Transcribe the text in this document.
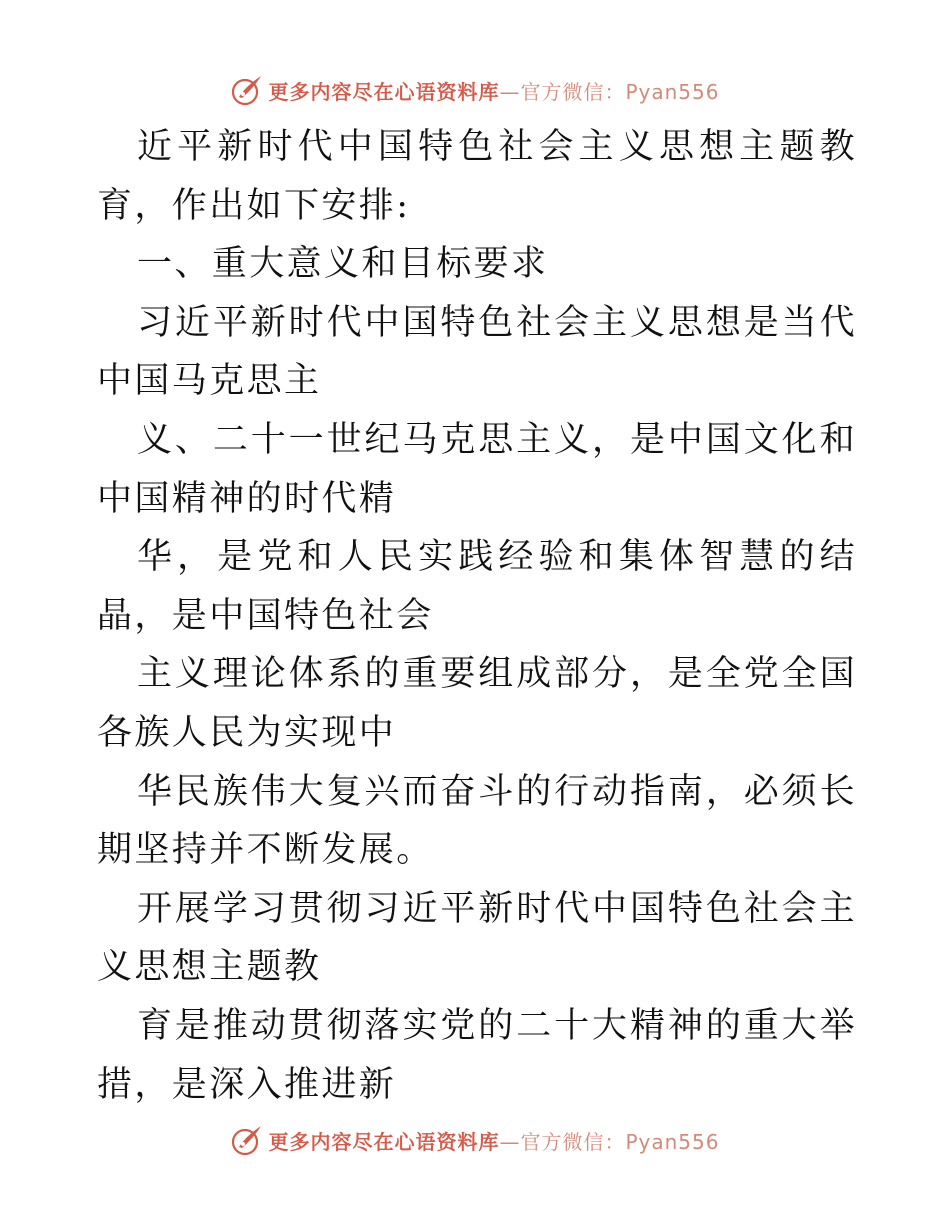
更多内容尽在心语资料库 —官方微信：Pyan556

近平新时代中国特色社会主义思想主题教育，作出如下安排:

一、重大意义和目标要求

习近平新时代中国特色社会主义思想是当代中国马克思主

义、二十一世纪马克思主义，是中国文化和中国精神的时代精

华，是党和人民实践经验和集体智慧的结晶，是中国特色社会

主义理论体系的重要组成部分，是全党全国各族人民为实现中

华民族伟大复兴而奋斗的行动指南，必须长期坚持并不断发展。

开展学习贯彻习近平新时代中国特色社会主义思想主题教

育是推动贯彻落实党的二十大精神的重大举措，是深入推进新

更多内容尽在心语资料库 —官方微信：Pyan556
